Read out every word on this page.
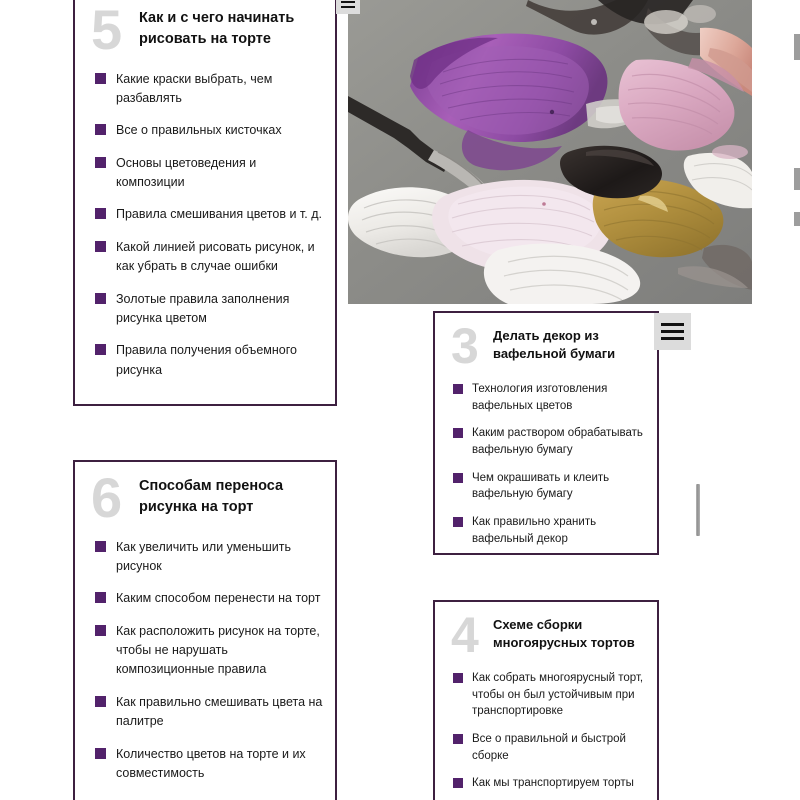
5	Как и с чего начинать рисовать на торте
Какие краски выбрать, чем разбавлять
Все о правильных кисточках
Основы цветоведения и композиции
Правила смешивания цветов и т. д.
Какой линией рисовать рисунок, и как убрать в случае ошибки
Золотые правила заполнения рисунка цветом
Правила получения объемного рисунка
6	Способам переноса рисунка на торт
Как увеличить или уменьшить рисунок
Каким способом перенести на торт
Как расположить рисунок на торте, чтобы не нарушать композиционные правила
Как правильно смешивать цвета на палитре
Количество цветов на торте и их совместимость
3	Делать декор из вафельной бумаги
Технология изготовления вафельных цветов
Каким раствором обрабатывать вафельную бумагу
Чем окрашивать и клеить вафельную бумагу
Как правильно хранить вафельный декор
4	Схеме сборки многоярусных тортов
Как собрать многоярусный торт, чтобы он был устойчивым при транспортировке
Все о правильной и быстрой сборке
Как мы транспортируем торты
